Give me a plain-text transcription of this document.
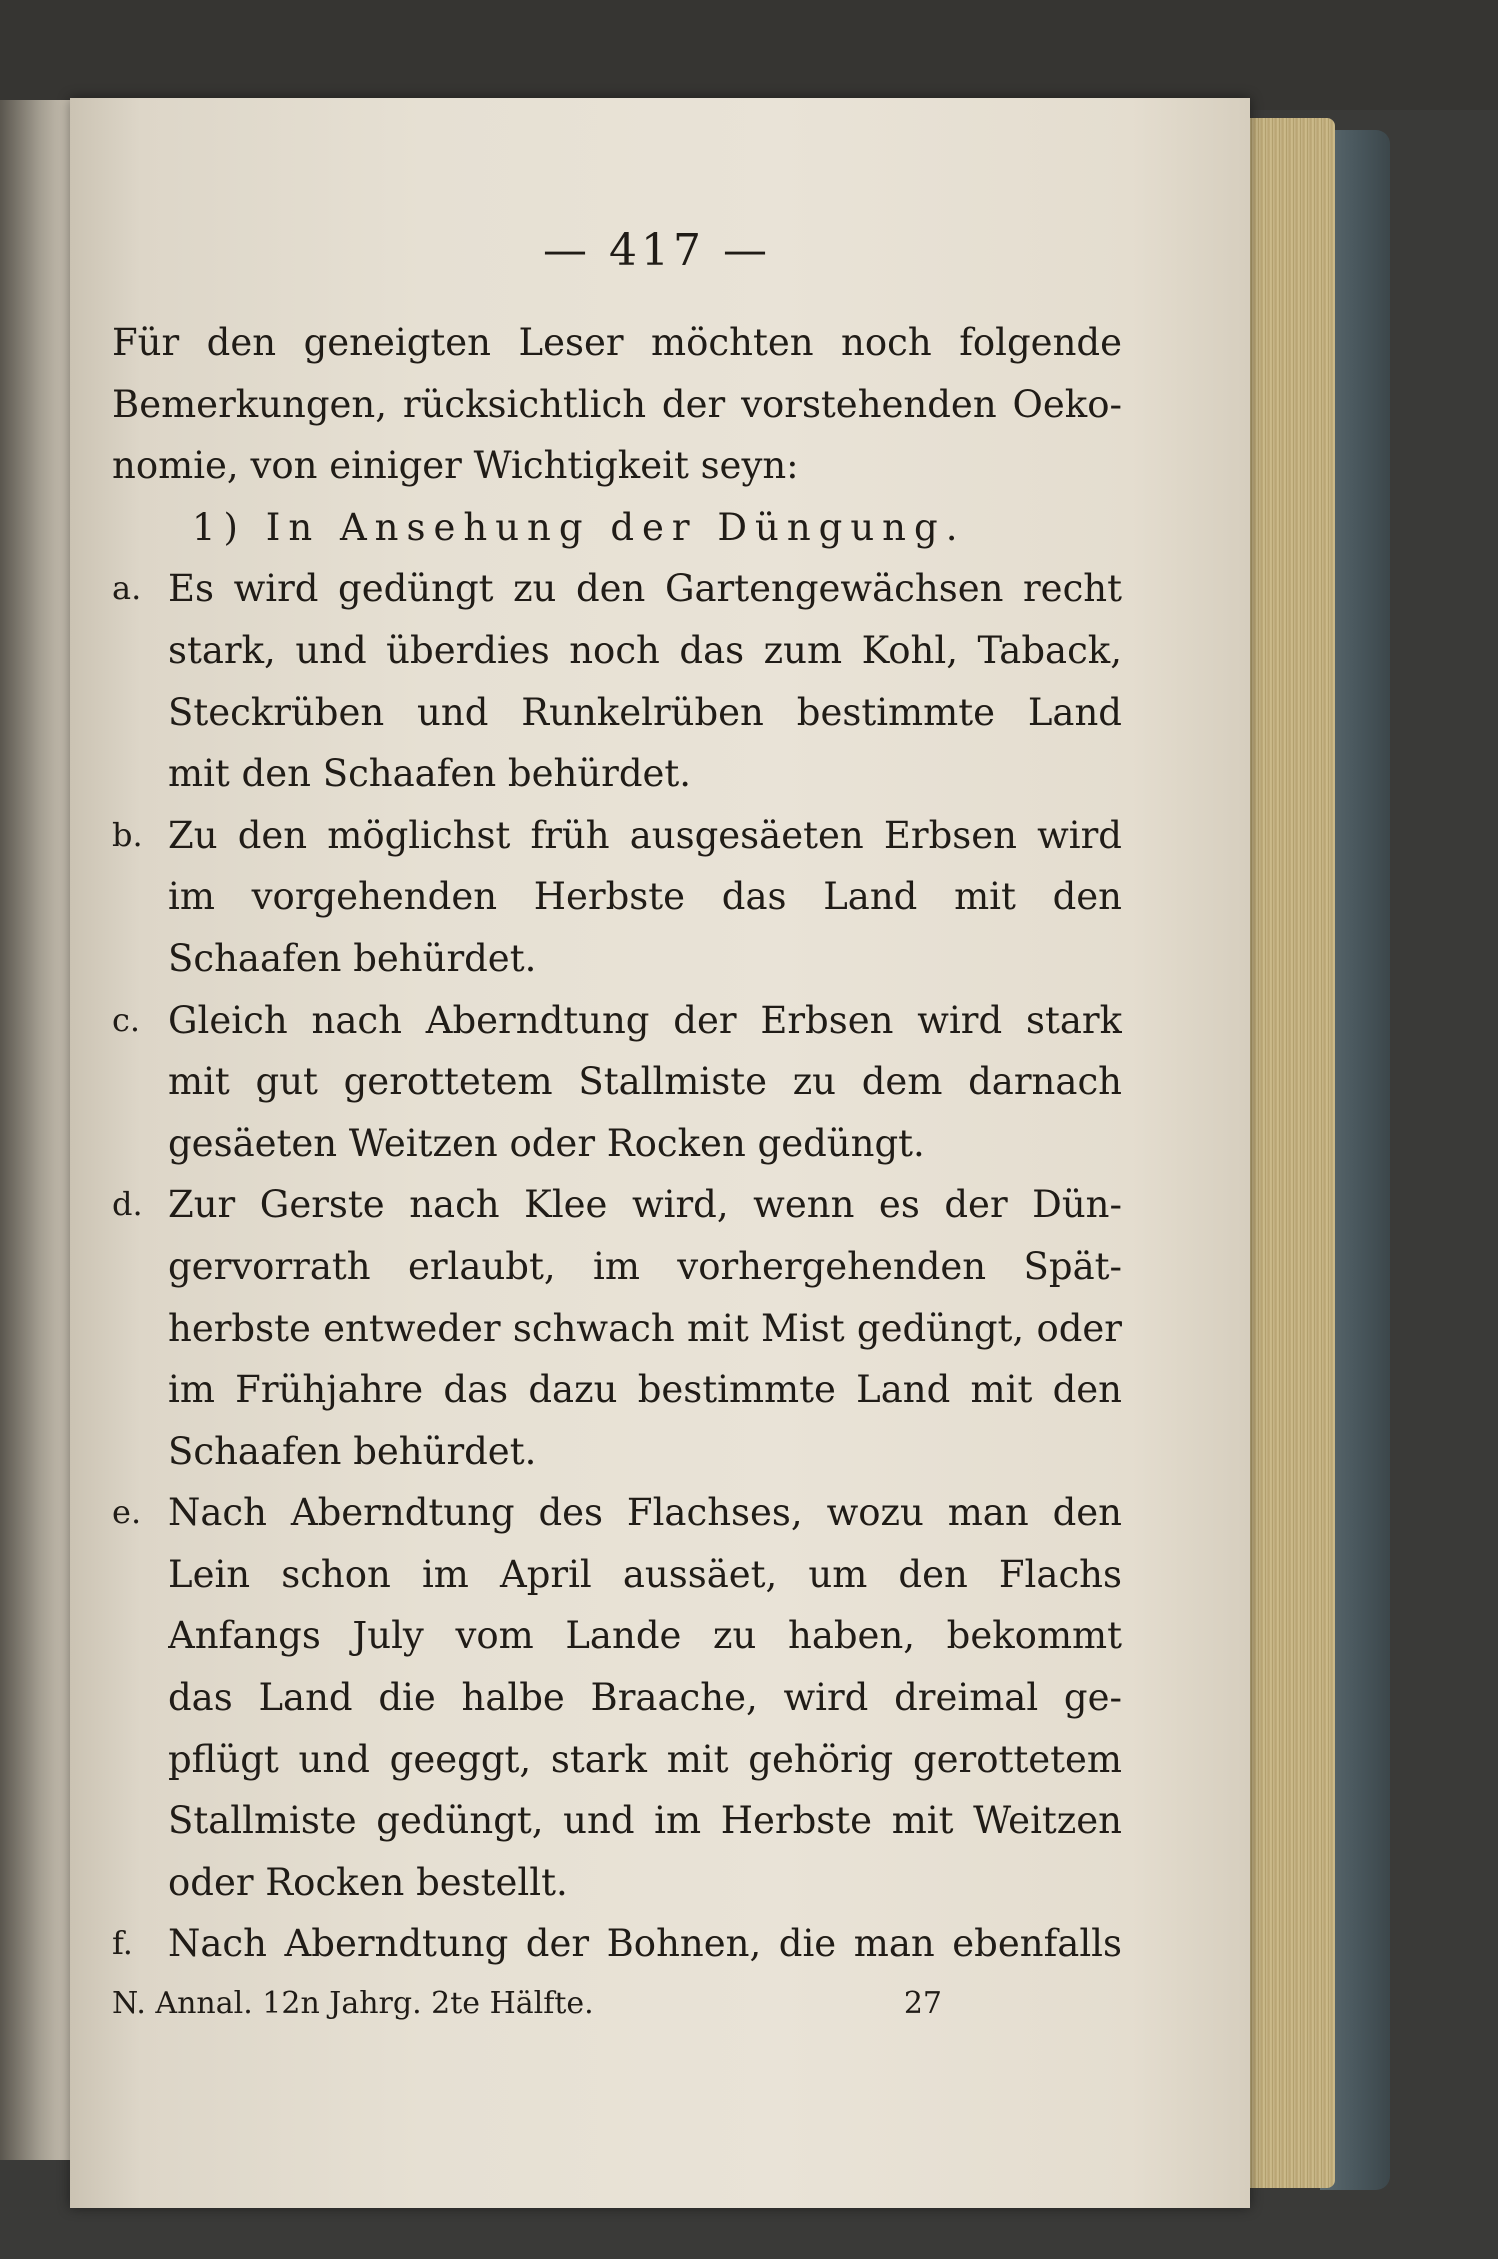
— 417 —
Für den geneigten Leser möchten noch folgende
Bemerkungen, rücksichtlich der vorstehenden Oeko-
nomie, von einiger Wichtigkeit seyn:
1) In Ansehung der Düngung.
a. Es wird gedüngt zu den Gartengewächsen recht
stark, und überdies noch das zum Kohl, Taback,
Steckrüben und Runkelrüben bestimmte Land
mit den Schaafen behürdet.
b. Zu den möglichst früh ausgesäeten Erbsen wird
im vorgehenden Herbste das Land mit den
Schaafen behürdet.
c. Gleich nach Aberndtung der Erbsen wird stark
mit gut gerottetem Stallmiste zu dem darnach
gesäeten Weitzen oder Rocken gedüngt.
d. Zur Gerste nach Klee wird, wenn es der Dün-
gervorrath erlaubt, im vorhergehenden Spät-
herbste entweder schwach mit Mist gedüngt, oder
im Frühjahre das dazu bestimmte Land mit den
Schaafen behürdet.
e. Nach Aberndtung des Flachses, wozu man den
Lein schon im April aussäet, um den Flachs
Anfangs July vom Lande zu haben, bekommt
das Land die halbe Braache, wird dreimal ge-
pflügt und geeggt, stark mit gehörig gerottetem
Stallmiste gedüngt, und im Herbste mit Weitzen
oder Rocken bestellt.
f. Nach Aberndtung der Bohnen, die man ebenfalls
N. Annal. 12n Jahrg. 2te Hälfte.	27
